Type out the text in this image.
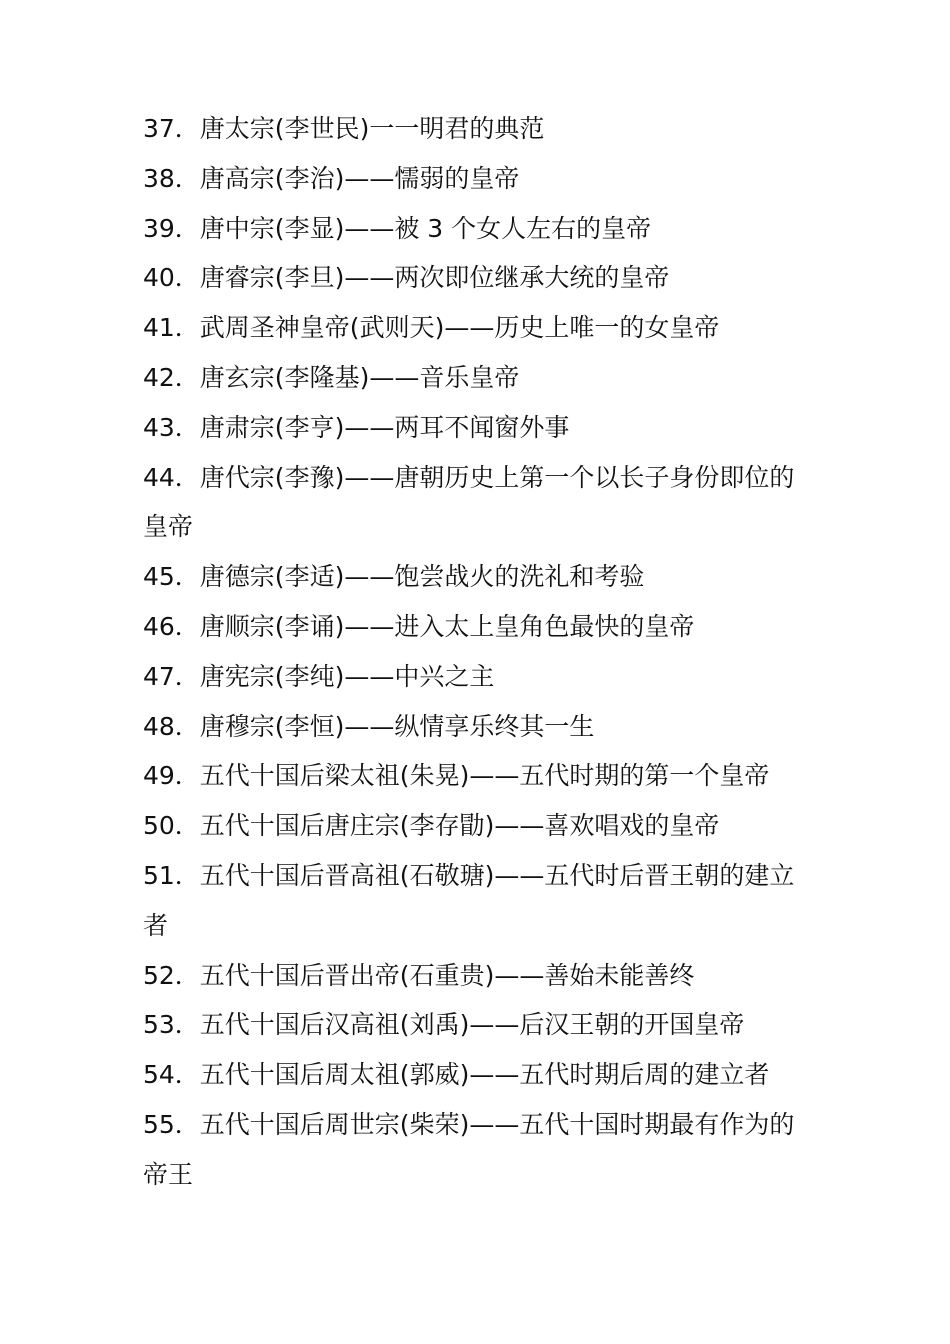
37．唐太宗(李世民)一一明君的典范
38．唐高宗(李治)——懦弱的皇帝
39．唐中宗(李显)——被 3 个女人左右的皇帝
40．唐睿宗(李旦)——两次即位继承大统的皇帝
41．武周圣神皇帝(武则天)——历史上唯一的女皇帝
42．唐玄宗(李隆基)——音乐皇帝
43．唐肃宗(李亨)——两耳不闻窗外事
44．唐代宗(李豫)——唐朝历史上第一个以长子身份即位的皇帝
45．唐德宗(李适)——饱尝战火的洗礼和考验
46．唐顺宗(李诵)——进入太上皇角色最快的皇帝
47．唐宪宗(李纯)——中兴之主
48．唐穆宗(李恒)——纵情享乐终其一生
49．五代十国后梁太祖(朱晃)——五代时期的第一个皇帝
50．五代十国后唐庄宗(李存勖)——喜欢唱戏的皇帝
51．五代十国后晋高祖(石敬瑭)——五代时后晋王朝的建立者
52．五代十国后晋出帝(石重贵)——善始未能善终
53．五代十国后汉高祖(刘禹)——后汉王朝的开国皇帝
54．五代十国后周太祖(郭威)——五代时期后周的建立者
55．五代十国后周世宗(柴荣)——五代十国时期最有作为的帝王
